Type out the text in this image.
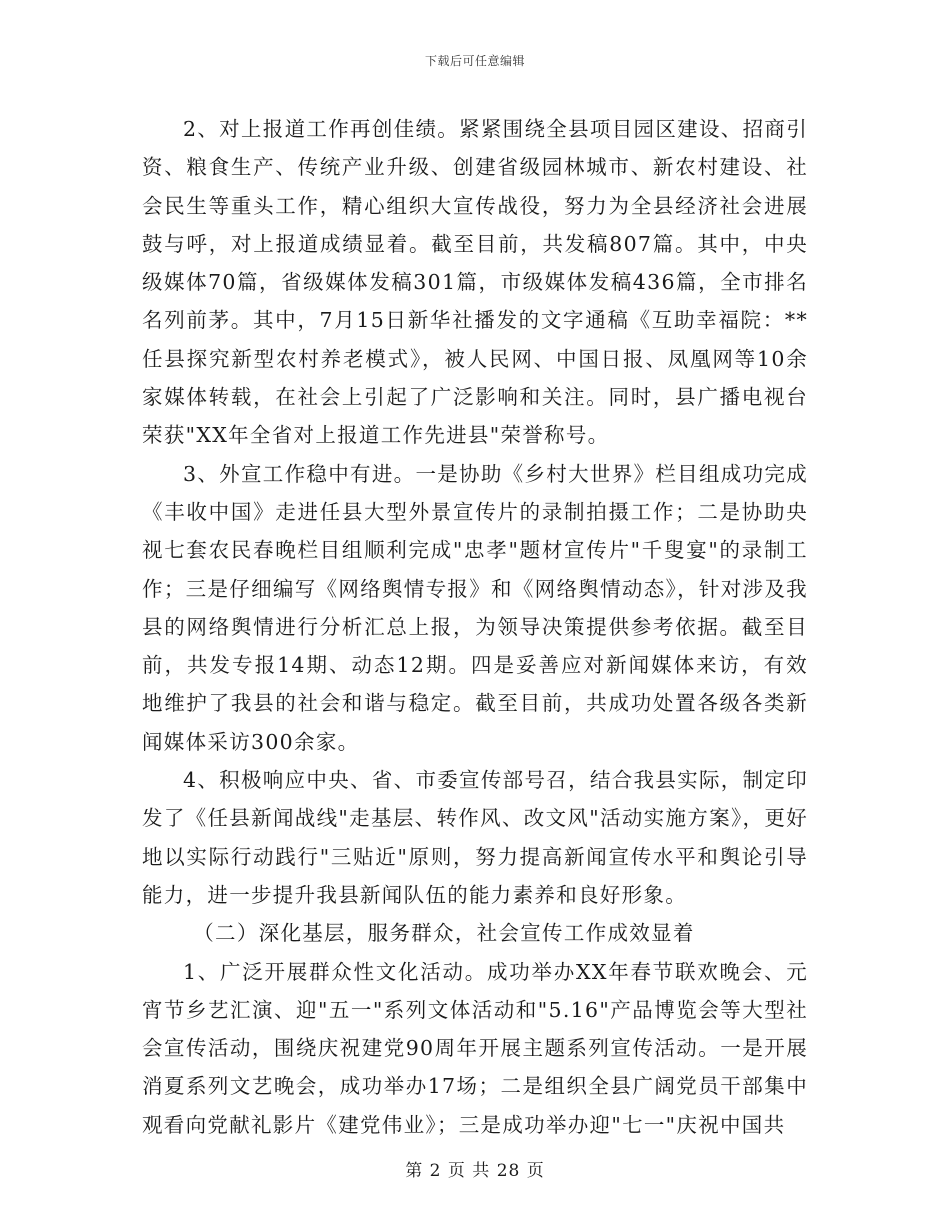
下载后可任意编辑

2、对上报道工作再创佳绩。紧紧围绕全县项目园区建设、招商引资、粮食生产、传统产业升级、创建省级园林城市、新农村建设、社会民生等重头工作，精心组织大宣传战役，努力为全县经济社会进展鼓与呼，对上报道成绩显着。截至目前，共发稿807篇。其中，中央级媒体70篇，省级媒体发稿301篇，市级媒体发稿436篇，全市排名名列前茅。其中，7月15日新华社播发的文字通稿《互助幸福院：**任县探究新型农村养老模式》，被人民网、中国日报、凤凰网等10余家媒体转载，在社会上引起了广泛影响和关注。同时，县广播电视台荣获"XX年全省对上报道工作先进县"荣誉称号。

3、外宣工作稳中有进。一是协助《乡村大世界》栏目组成功完成《丰收中国》走进任县大型外景宣传片的录制拍摄工作；二是协助央视七套农民春晚栏目组顺利完成"忠孝"题材宣传片"千叟宴"的录制工作；三是仔细编写《网络舆情专报》和《网络舆情动态》，针对涉及我县的网络舆情进行分析汇总上报，为领导决策提供参考依据。截至目前，共发专报14期、动态12期。四是妥善应对新闻媒体来访，有效地维护了我县的社会和谐与稳定。截至目前，共成功处置各级各类新闻媒体采访300余家。

4、积极响应中央、省、市委宣传部号召，结合我县实际，制定印发了《任县新闻战线"走基层、转作风、改文风"活动实施方案》，更好地以实际行动践行"三贴近"原则，努力提高新闻宣传水平和舆论引导能力，进一步提升我县新闻队伍的能力素养和良好形象。

（二）深化基层，服务群众，社会宣传工作成效显着

1、广泛开展群众性文化活动。成功举办XX年春节联欢晚会、元宵节乡艺汇演、迎"五一"系列文体活动和"5.16"产品博览会等大型社会宣传活动，围绕庆祝建党90周年开展主题系列宣传活动。一是开展消夏系列文艺晚会，成功举办17场；二是组织全县广阔党员干部集中观看向党献礼影片《建党伟业》；三是成功举办迎"七一"庆祝中国共

第 2 页 共 28 页
